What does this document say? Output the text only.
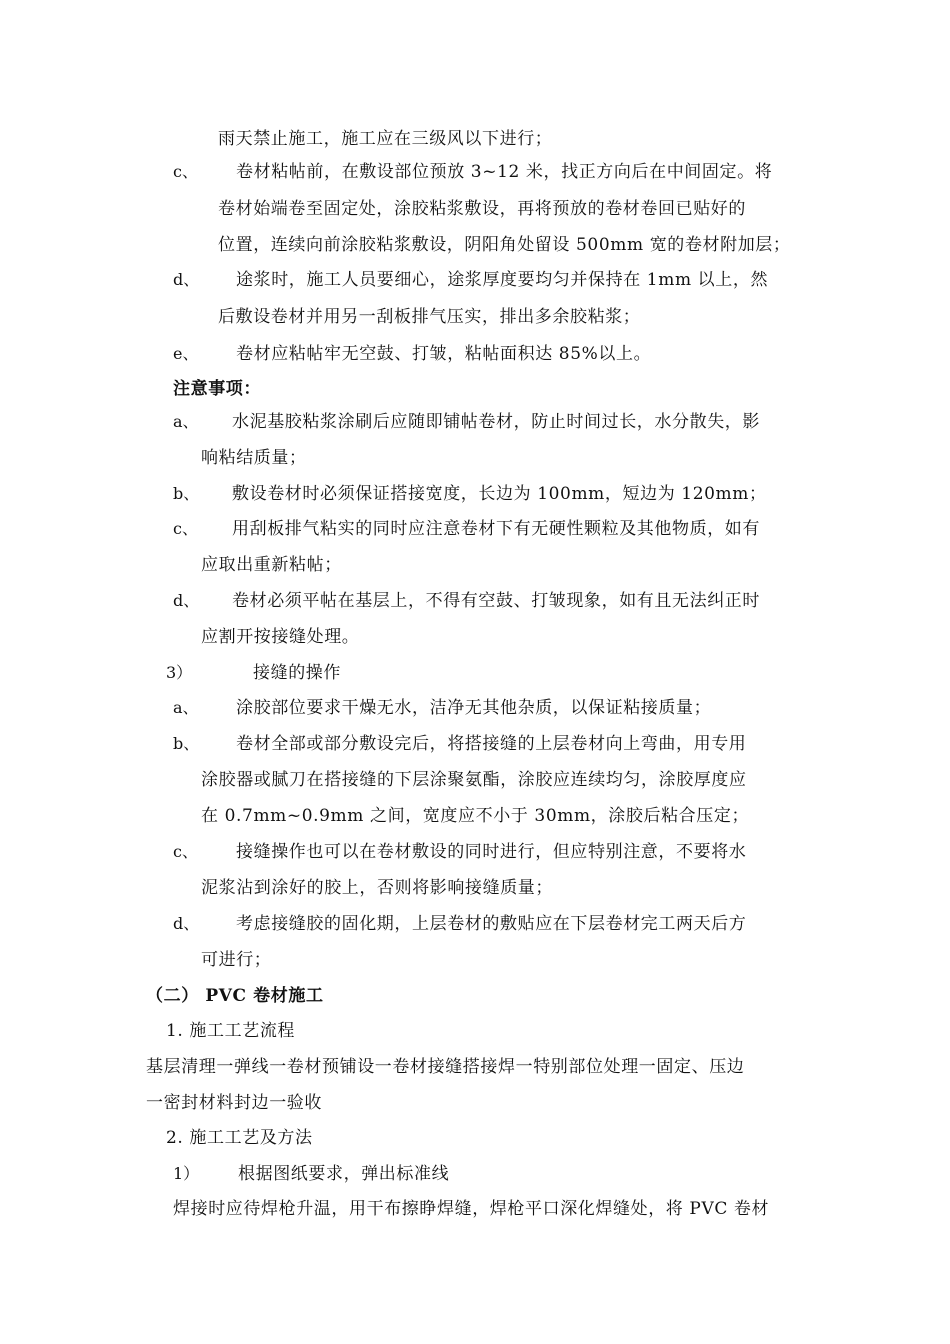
雨天禁止施工，施工应在三级风以下进行；
c、 卷材粘帖前，在敷设部位预放 3~12 米，找正方向后在中间固定。将
卷材始端卷至固定处，涂胶粘浆敷设，再将预放的卷材卷回已贴好的
位置，连续向前涂胶粘浆敷设，阴阳角处留设 500mm 宽的卷材附加层；
d、 途浆时，施工人员要细心，途浆厚度要均匀并保持在 1mm 以上，然
后敷设卷材并用另一刮板排气压实，排出多余胶粘浆；
e、 卷材应粘帖牢无空鼓、打皱，粘帖面积达 85%以上。
注意事项：
a、 水泥基胶粘浆涂刷后应随即铺帖卷材，防止时间过长，水分散失，影
响粘结质量；
b、 敷设卷材时必须保证搭接宽度，长边为 100mm，短边为 120mm；
c、 用刮板排气粘实的同时应注意卷材下有无硬性颗粒及其他物质，如有
应取出重新粘帖；
d、 卷材必须平帖在基层上，不得有空鼓、打皱现象，如有且无法纠正时
应割开按接缝处理。
3）	接缝的操作
a、 涂胶部位要求干燥无水，洁净无其他杂质，以保证粘接质量；
b、 卷材全部或部分敷设完后，将搭接缝的上层卷材向上弯曲，用专用
涂胶器或腻刀在搭接缝的下层涂聚氨酯，涂胶应连续均匀，涂胶厚度应
在 0.7mm~0.9mm 之间，宽度应不小于 30mm，涂胶后粘合压定；
c、 接缝操作也可以在卷材敷设的同时进行，但应特别注意，不要将水
泥浆沾到涂好的胶上，否则将影响接缝质量；
d、 考虑接缝胶的固化期，上层卷材的敷贴应在下层卷材完工两天后方
可进行；
（二） PVC 卷材施工
1. 施工工艺流程
基层清理一弹线一卷材预铺设一卷材接缝搭接焊一特别部位处理一固定、压边
一密封材料封边一验收
2. 施工工艺及方法
1） 根据图纸要求，弹出标准线
焊接时应待焊枪升温，用干布擦睁焊缝，焊枪平口深化焊缝处，将 PVC 卷材
